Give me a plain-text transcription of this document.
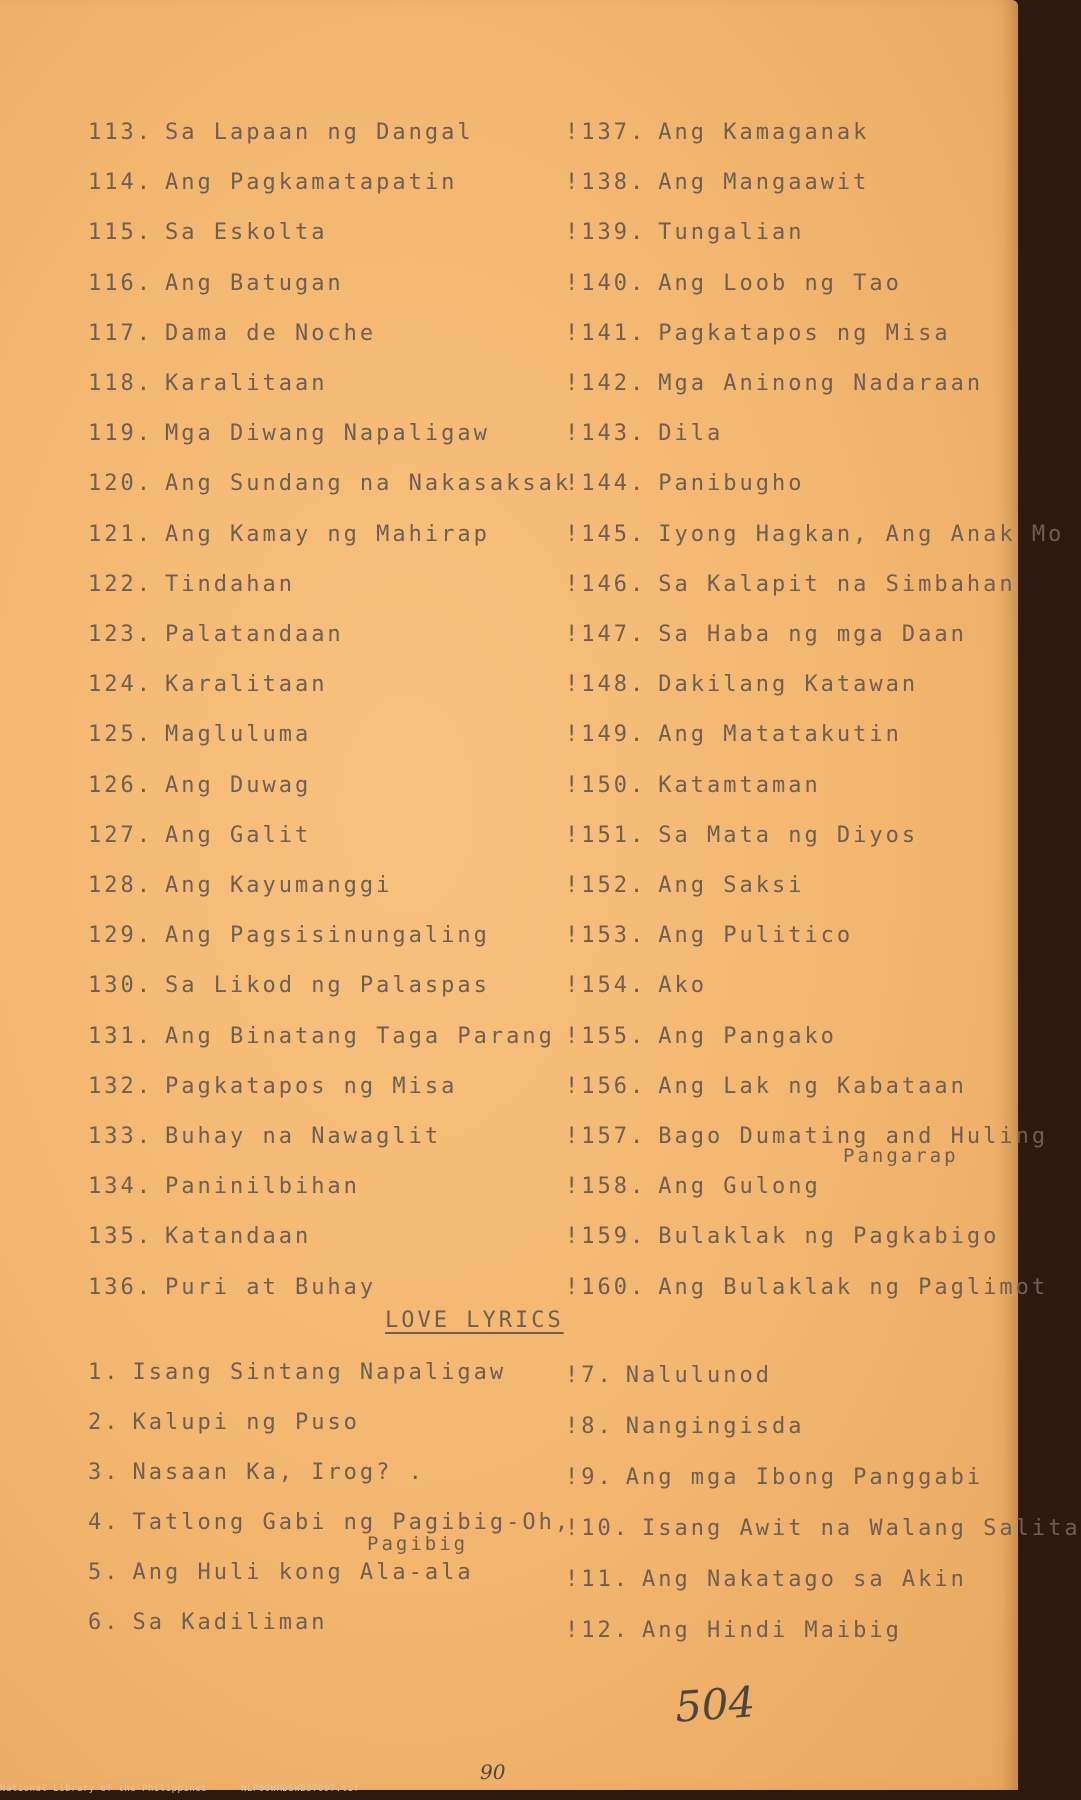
113. Sa Lapaan ng Dangal
114. Ang Pagkamatapatin
115. Sa Eskolta
116. Ang Batugan
117. Dama de Noche
118. Karalitaan
119. Mga Diwang Napaligaw
120. Ang Sundang na Nakasaksak
121. Ang Kamay ng Mahirap
122. Tindahan
123. Palatandaan
124. Karalitaan
125. Magluluma
126. Ang Duwag
127. Ang Galit
128. Ang Kayumanggi
129. Ang Pagsisinungaling
130. Sa Likod ng Palaspas
131. Ang Binatang Taga Parang
132. Pagkatapos ng Misa
133. Buhay na Nawaglit
134. Paninilbihan
135. Katandaan
136. Puri at Buhay
!137. Ang Kamaganak
!138. Ang Mangaawit
!139. Tungalian
!140. Ang Loob ng Tao
!141. Pagkatapos ng Misa
!142. Mga Aninong Nadaraan
!143. Dila
!144. Panibugho
!145. Iyong Hagkan, Ang Anak Mo
!146. Sa Kalapit na Simbahan
!147. Sa Haba ng mga Daan
!148. Dakilang Katawan
!149. Ang Matatakutin
!150. Katamtaman
!151. Sa Mata ng Diyos
!152. Ang Saksi
!153. Ang Pulitico
!154. Ako
!155. Ang Pangako
!156. Ang Lak ng Kabataan
!157. Bago Dumating and Huling
!158. Ang Gulong
!159. Bulaklak ng Pagkabigo
!160. Ang Bulaklak ng Paglimot
Pangarap
LOVE LYRICS
1. Isang Sintang Napaligaw
2. Kalupi ng Puso
3. Nasaan Ka, Irog? .
4. Tatlong Gabi ng Pagibig-Oh,
5. Ang Huli kong Ala-ala
6. Sa Kadiliman
!7. Nalulunod
!8. Nangingisda
!9. Ang mga Ibong Panggabi
!10. Isang Awit na Walang Salita
!11. Ang Nakatago sa Akin
!12. Ang Hindi Maibig
Pagibig
504
90
National Library of the Philippines	NLP00WRDSWB37097.tif
